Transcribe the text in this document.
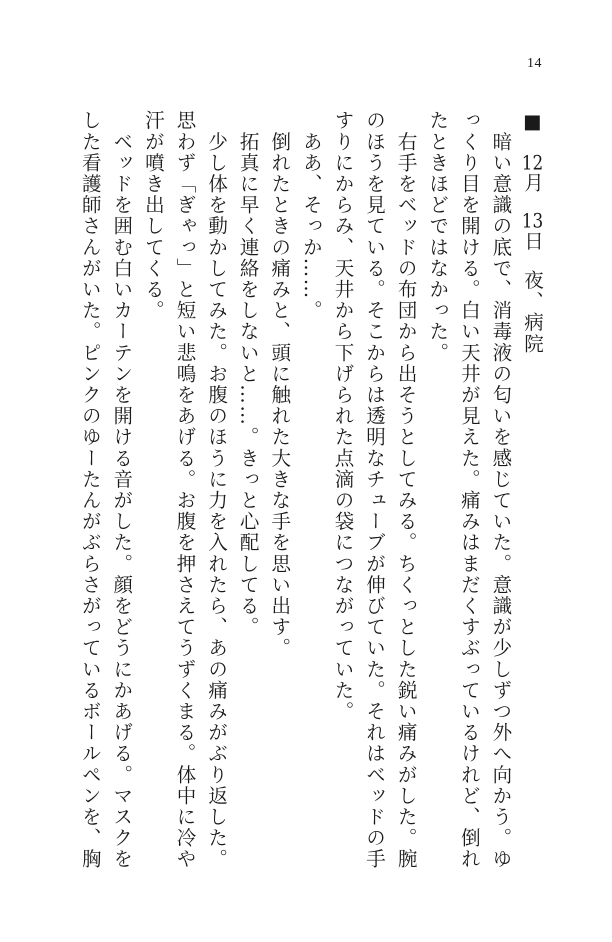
14
■12月13日夜、病院
　暗い意識の底で、消毒液の匂いを感じていた。意識が少しずつ外へ向かう。ゆ
っくり目を開ける。白い天井が見えた。痛みはまだくすぶっているけれど、倒れ
たときほどではなかった。
　右手をベッドの布団から出そうとしてみる。ちくっとした鋭い痛みがした。腕
のほうを見ている。そこからは透明なチューブが伸びていた。それはベッドの手
すりにからみ、天井から下げられた点滴の袋につながっていた。
　ああ、そっか……。
　倒れたときの痛みと、頭に触れた大きな手を思い出す。
　拓真に早く連絡をしないと……。きっと心配してる。
　少し体を動かしてみた。お腹のほうに力を入れたら、あの痛みがぶり返した。
思わず「ぎゃっ」と短い悲鳴をあげる。お腹を押さえてうずくまる。体中に冷や
汗が噴き出してくる。
　ベッドを囲む白いカーテンを開ける音がした。顔をどうにかあげる。マスクを
した看護師さんがいた。ピンクのゆーたんがぶらさがっているボールペンを、胸
